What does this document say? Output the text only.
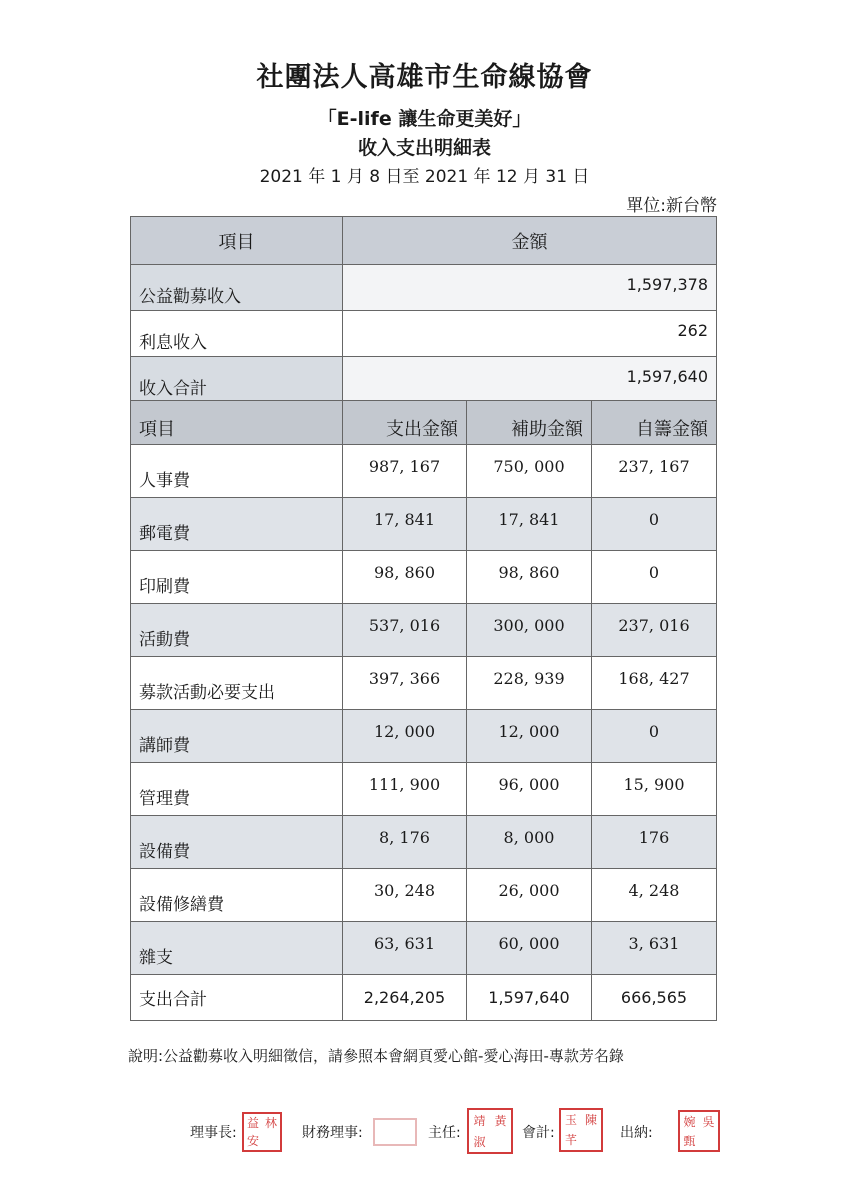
社團法人高雄市生命線協會
「E-life 讓生命更美好」
收入支出明細表
2021 年 1 月 8 日至 2021 年 12 月 31 日
單位:新台幣
項目	金額
公益勸募收入	1,597,378
利息收入	262
收入合計	1,597,640
項目	支出金額	補助金額	自籌金額
人事費	987, 167	750, 000	237, 167
郵電費	17, 841	17, 841	0
印刷費	98, 860	98, 860	0
活動費	537, 016	300, 000	237, 016
募款活動必要支出	397, 366	228, 939	168, 427
講師費	12, 000	12, 000	0
管理費	111, 900	96, 000	15, 900
設備費	8, 176	8, 000	176
設備修繕費	30, 248	26, 000	4, 248
雜支	63, 631	60, 000	3, 631
支出合計	2,264,205	1,597,640	666,565
說明:公益勸募收入明細徵信，請參照本會網頁愛心館-愛心海田-專款芳名錄
理事長:
益 林
安	財務理事:	主任:
靖 黃
淑
會計:
玉 陳
芊	出納:
婉 吳
甄
